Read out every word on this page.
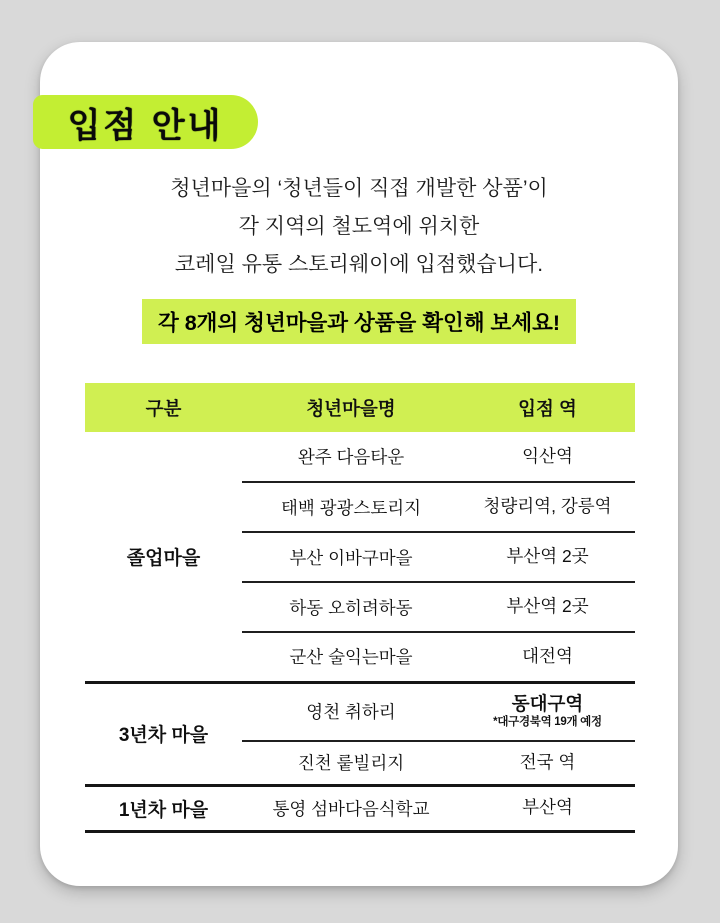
입점 안내
청년마을의 ‘청년들이 직접 개발한 상품’이
각 지역의 철도역에 위치한
코레일 유통 스토리웨이에 입점했습니다.
각 8개의 청년마을과 상품을 확인해 보세요!
구분	청년마을명	입점 역
졸업마을	완주 다음타운	익산역

	태백 광광스토리지	청량리역, 강릉역

	부산 이바구마을	부산역 2곳

	하동 오히려하동	부산역 2곳

	군산 술익는마을	대전역

3년차 마을	영천 취하리	동대구역
*대구경북역 19개 예정

	진천 뤁빌리지	전국 역

1년차 마을	통영 섬바다음식학교	부산역
